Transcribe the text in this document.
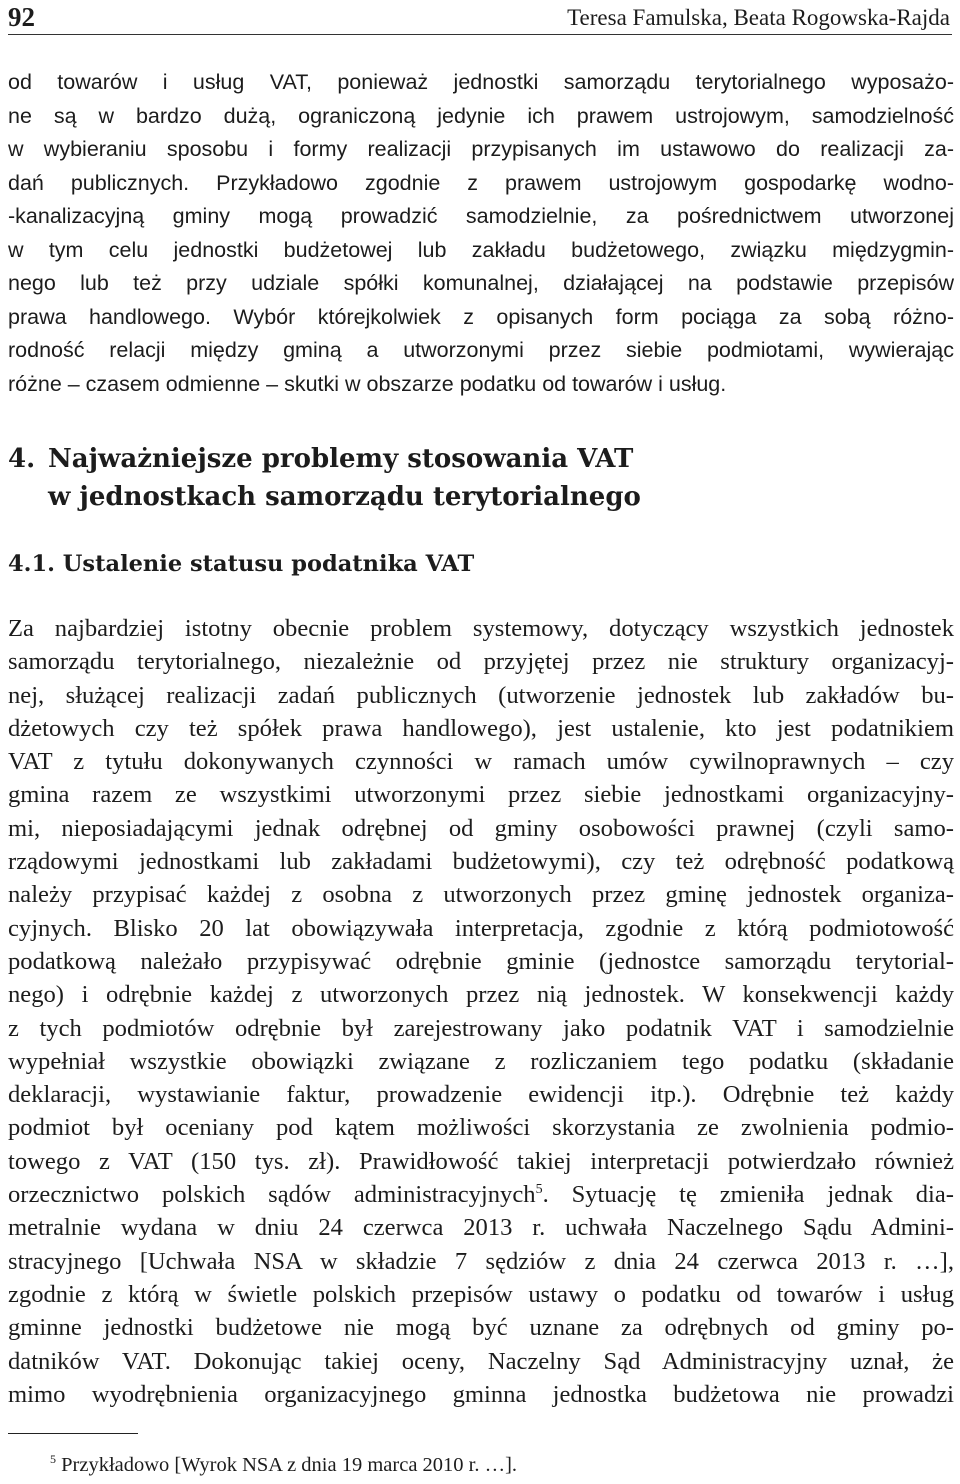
92	Teresa Famulska, Beata Rogowska-Rajda
od towarów i usług VAT, ponieważ jednostki samorządu terytorialnego wyposażo-
ne są w bardzo dużą, ograniczoną jedynie ich prawem ustrojowym, samodzielność
w wybieraniu sposobu i formy realizacji przypisanych im ustawowo do realizacji za-
dań publicznych. Przykładowo zgodnie z prawem ustrojowym gospodarkę wodno-
-kanalizacyjną gminy mogą prowadzić samodzielnie, za pośrednictwem utworzonej
w tym celu jednostki budżetowej lub zakładu budżetowego, związku międzygmin-
nego lub też przy udziale spółki komunalnej, działającej na podstawie przepisów
prawa handlowego. Wybór którejkolwiek z opisanych form pociąga za sobą różno-
rodność relacji między gminą a utworzonymi przez siebie podmiotami, wywierając
różne – czasem odmienne – skutki w obszarze podatku od towarów i usług.
4. Najważniejsze problemy stosowania VAT
w jednostkach samorządu terytorialnego
4.1. Ustalenie statusu podatnika VAT
Za najbardziej istotny obecnie problem systemowy, dotyczący wszystkich jednostek
samorządu terytorialnego, niezależnie od przyjętej przez nie struktury organizacyj-
nej, służącej realizacji zadań publicznych (utworzenie jednostek lub zakładów bu-
dżetowych czy też spółek prawa handlowego), jest ustalenie, kto jest podatnikiem
VAT z tytułu dokonywanych czynności w ramach umów cywilnoprawnych – czy
gmina razem ze wszystkimi utworzonymi przez siebie jednostkami organizacyjny-
mi, nieposiadającymi jednak odrębnej od gminy osobowości prawnej (czyli samo-
rządowymi jednostkami lub zakładami budżetowymi), czy też odrębność podatkową
należy przypisać każdej z osobna z utworzonych przez gminę jednostek organiza-
cyjnych. Blisko 20 lat obowiązywała interpretacja, zgodnie z którą podmiotowość
podatkową należało przypisywać odrębnie gminie (jednostce samorządu terytorial-
nego) i odrębnie każdej z utworzonych przez nią jednostek. W konsekwencji każdy
z tych podmiotów odrębnie był zarejestrowany jako podatnik VAT i samodzielnie
wypełniał wszystkie obowiązki związane z rozliczaniem tego podatku (składanie
deklaracji, wystawianie faktur, prowadzenie ewidencji itp.). Odrębnie też każdy
podmiot był oceniany pod kątem możliwości skorzystania ze zwolnienia podmio-
towego z VAT (150 tys. zł). Prawidłowość takiej interpretacji potwierdzało również
orzecznictwo polskich sądów administracyjnych$^5$. Sytuację tę zmieniła jednak dia-
metralnie wydana w dniu 24 czerwca 2013 r. uchwała Naczelnego Sądu Admini-
stracyjnego [Uchwała NSA w składzie 7 sędziów z dnia 24 czerwca 2013 r. …],
zgodnie z którą w świetle polskich przepisów ustawy o podatku od towarów i usług
gminne jednostki budżetowe nie mogą być uznane za odrębnych od gminy po-
datników VAT. Dokonując takiej oceny, Naczelny Sąd Administracyjny uznał, że
mimo wyodrębnienia organizacyjnego gminna jednostka budżetowa nie prowadzi
$^5$ Przykładowo [Wyrok NSA z dnia 19 marca 2010 r. …].
